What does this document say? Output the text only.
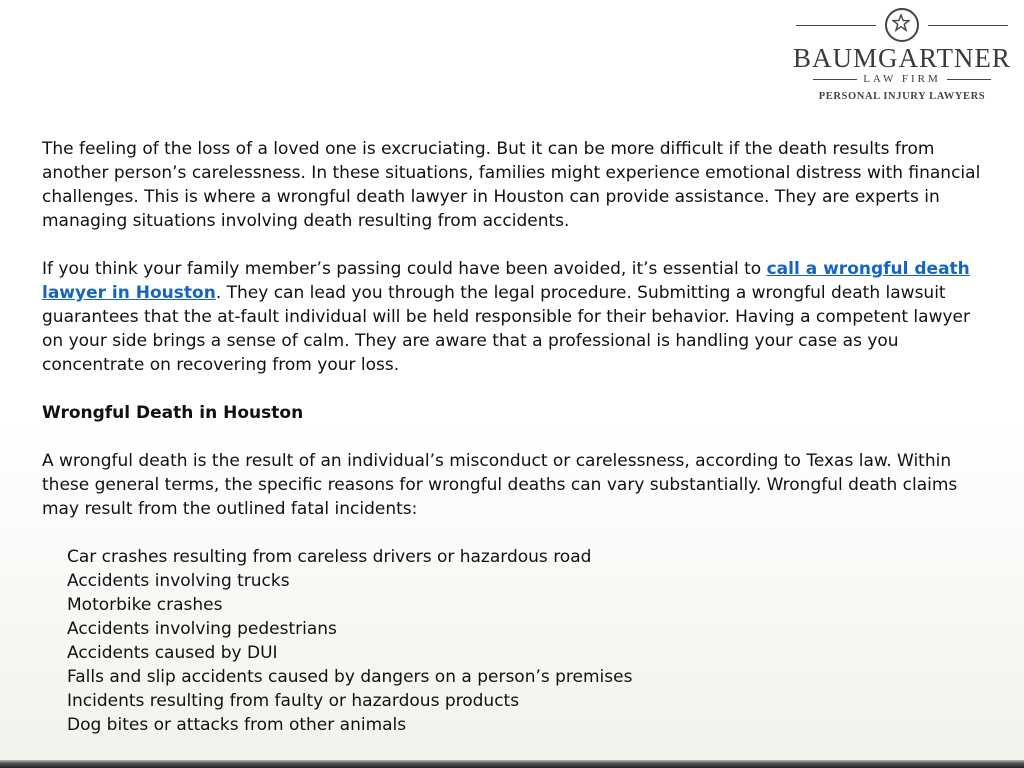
BAUMGARTNER
LAW FIRM
PERSONAL INJURY LAWYERS

The feeling of the loss of a loved one is excruciating. But it can be more difficult if the death results from another person’s carelessness. In these situations, families might experience emotional distress with financial challenges. This is where a wrongful death lawyer in Houston can provide assistance. They are experts in managing situations involving death resulting from accidents.

If you think your family member’s passing could have been avoided, it’s essential to call a wrongful death lawyer in Houston. They can lead you through the legal procedure. Submitting a wrongful death lawsuit guarantees that the at-fault individual will be held responsible for their behavior. Having a competent lawyer on your side brings a sense of calm. They are aware that a professional is handling your case as you concentrate on recovering from your loss.

Wrongful Death in Houston

A wrongful death is the result of an individual’s misconduct or carelessness, according to Texas law. Within these general terms, the specific reasons for wrongful deaths can vary substantially. Wrongful death claims may result from the outlined fatal incidents:

Car crashes resulting from careless drivers or hazardous road
Accidents involving trucks
Motorbike crashes
Accidents involving pedestrians
Accidents caused by DUI
Falls and slip accidents caused by dangers on a person’s premises
Incidents resulting from faulty or hazardous products
Dog bites or attacks from other animals
